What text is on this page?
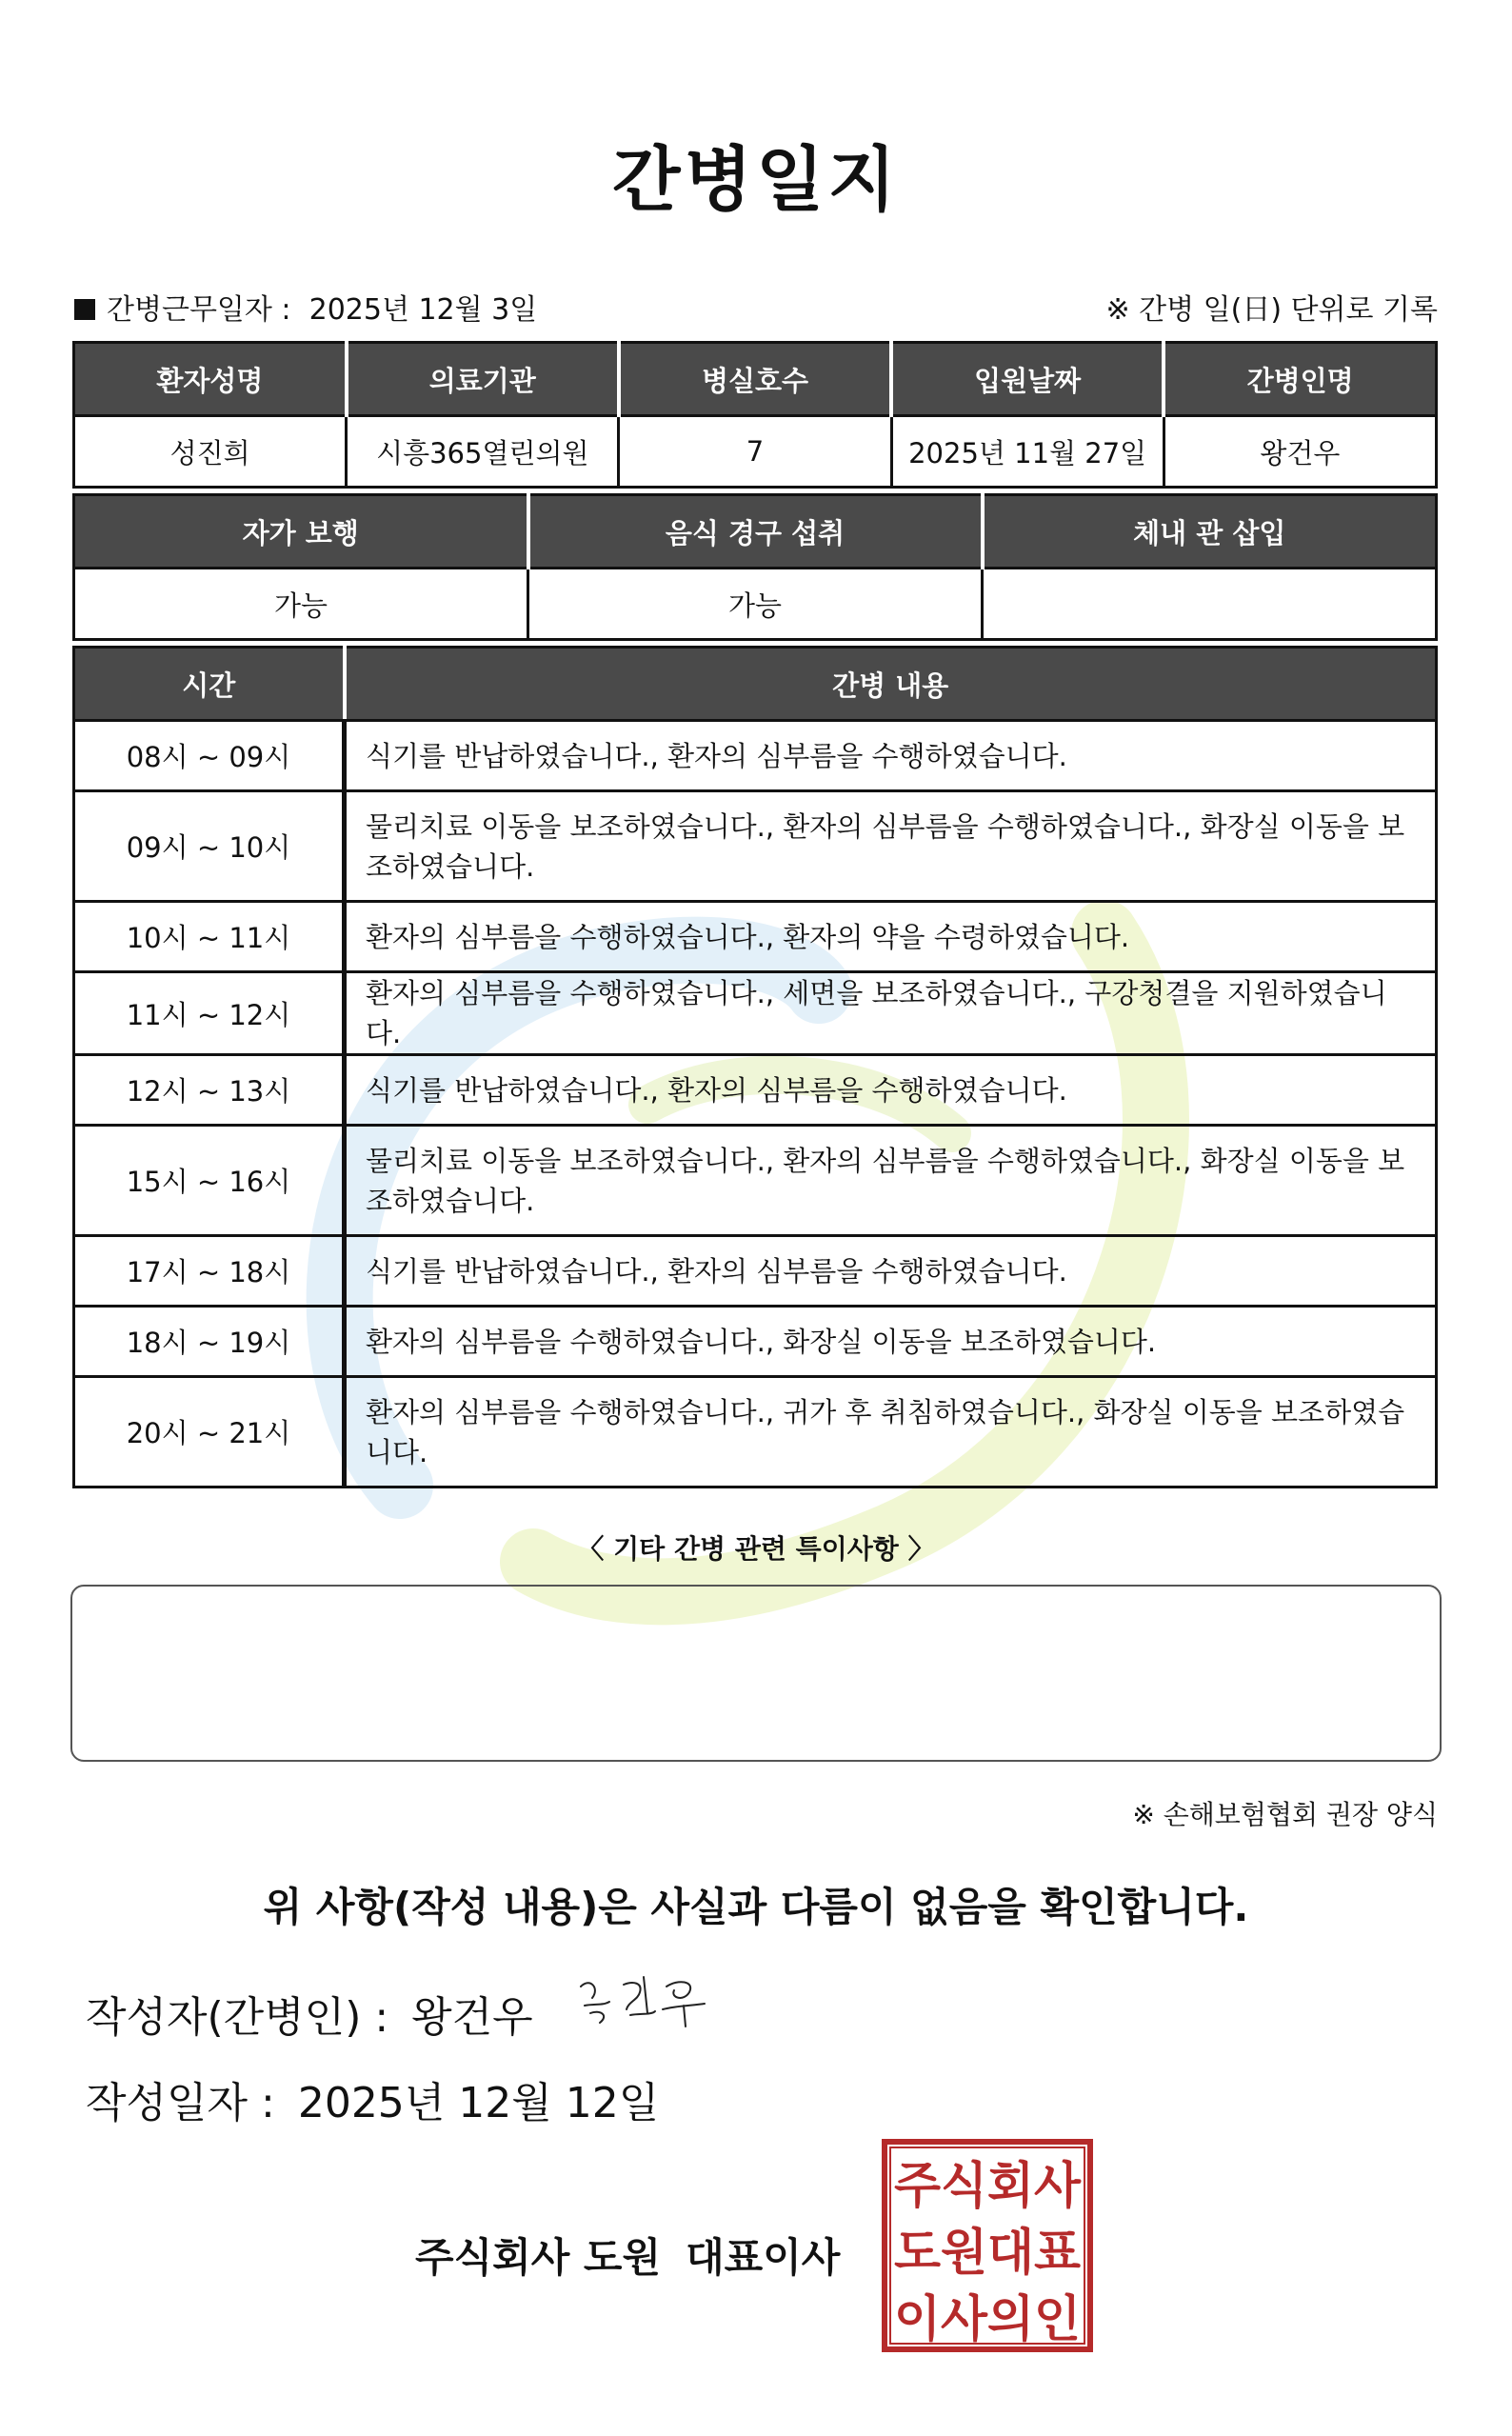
간병일지
간병근무일자 : 2025년 12월 3일	※ 간병 일(日) 단위로 기록
환자성명	의료기관	병실호수	입원날짜	간병인명
성진희	시흥365열린의원	7	2025년 11월 27일	왕건우
자가 보행	음식 경구 섭취	체내 관 삽입
가능	가능	
시간	간병 내용
08시 ~ 09시	식기를 반납하였습니다., 환자의 심부름을 수행하였습니다.
09시 ~ 10시	물리치료 이동을 보조하였습니다., 환자의 심부름을 수행하였습니다., 화장실 이동을 보조하였습니다.
10시 ~ 11시	환자의 심부름을 수행하였습니다., 환자의 약을 수령하였습니다.
11시 ~ 12시	환자의 심부름을 수행하였습니다., 세면을 보조하였습니다., 구강청결을 지원하였습니다.
12시 ~ 13시	식기를 반납하였습니다., 환자의 심부름을 수행하였습니다.
15시 ~ 16시	물리치료 이동을 보조하였습니다., 환자의 심부름을 수행하였습니다., 화장실 이동을 보조하였습니다.
17시 ~ 18시	식기를 반납하였습니다., 환자의 심부름을 수행하였습니다.
18시 ~ 19시	환자의 심부름을 수행하였습니다., 화장실 이동을 보조하였습니다.
20시 ~ 21시	환자의 심부름을 수행하였습니다., 귀가 후 취침하였습니다., 화장실 이동을 보조하였습니다.
〈 기타 간병 관련 특이사항 〉
※ 손해보험협회 권장 양식
위 사항(작성 내용)은 사실과 다름이 없음을 확인합니다.
작성자(간병인) : 왕건우
작성일자 : 2025년 12월 12일
주식회사 도원 대표이사
주식회사
도원대표
이사의인
